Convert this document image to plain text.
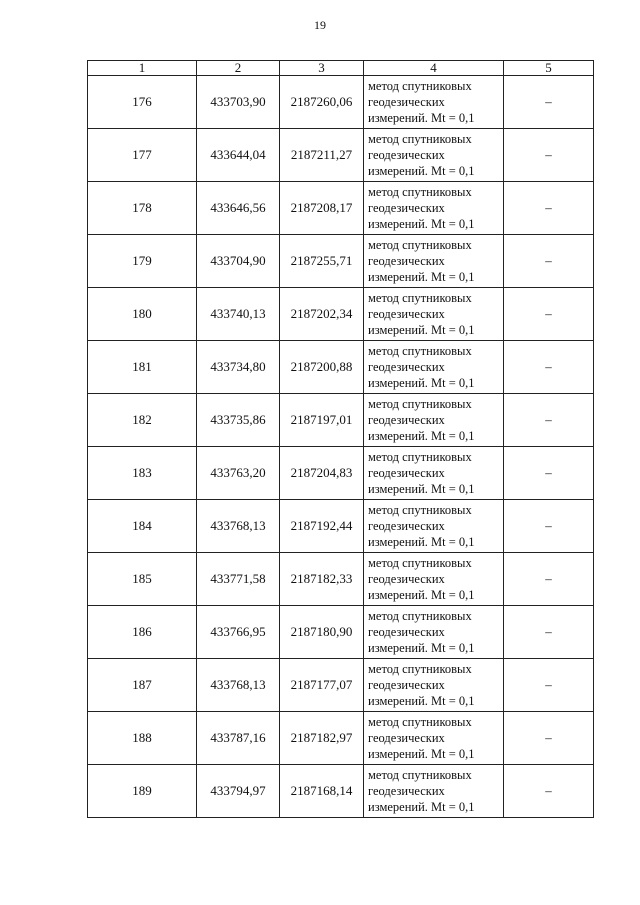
19
1	2	3	4	5
176	433703,90	2187260,06	метод спутниковых геодезических измерений. Mt = 0,1	–
177	433644,04	2187211,27	метод спутниковых геодезических измерений. Mt = 0,1	–
178	433646,56	2187208,17	метод спутниковых геодезических измерений. Mt = 0,1	–
179	433704,90	2187255,71	метод спутниковых геодезических измерений. Mt = 0,1	–
180	433740,13	2187202,34	метод спутниковых геодезических измерений. Mt = 0,1	–
181	433734,80	2187200,88	метод спутниковых геодезических измерений. Mt = 0,1	–
182	433735,86	2187197,01	метод спутниковых геодезических измерений. Mt = 0,1	–
183	433763,20	2187204,83	метод спутниковых геодезических измерений. Mt = 0,1	–
184	433768,13	2187192,44	метод спутниковых геодезических измерений. Mt = 0,1	–
185	433771,58	2187182,33	метод спутниковых геодезических измерений. Mt = 0,1	–
186	433766,95	2187180,90	метод спутниковых геодезических измерений. Mt = 0,1	–
187	433768,13	2187177,07	метод спутниковых геодезических измерений. Mt = 0,1	–
188	433787,16	2187182,97	метод спутниковых геодезических измерений. Mt = 0,1	–
189	433794,97	2187168,14	метод спутниковых геодезических измерений. Mt = 0,1	–
